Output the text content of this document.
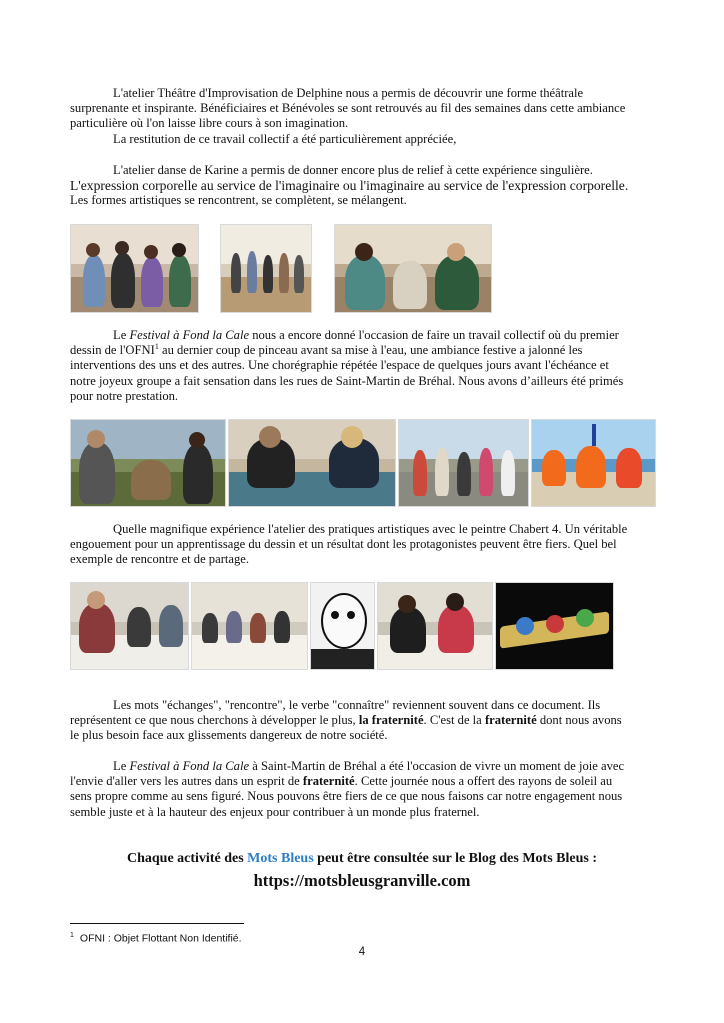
L'atelier Théâtre d'Improvisation de Delphine nous a permis de découvrir une forme théâtrale
surprenante et inspirante. Bénéficiaires et Bénévoles se sont retrouvés au fil des semaines dans cette ambiance
particulière où l'on laisse libre cours à son imagination.
La restitution de ce travail collectif a été particulièrement appréciée,

L'atelier danse de Karine a permis de donner encore plus de relief à cette expérience singulière.
L'expression corporelle au service de l'imaginaire ou l'imaginaire au service de l'expression corporelle.
Les formes artistiques se rencontrent, se complètent, se mélangent.

Le Festival à Fond la Cale nous a encore donné l'occasion de faire un travail collectif où du premier
dessin de l'OFNI$^1$ au dernier coup de pinceau avant sa mise à l'eau, une ambiance festive a jalonné les
interventions des uns et des autres. Une chorégraphie répétée l'espace de quelques jours avant l'échéance et
notre joyeux groupe a fait sensation dans les rues de Saint-Martin de Bréhal. Nous avons d’ailleurs été primés
pour notre prestation.

Quelle magnifique expérience l'atelier des pratiques artistiques avec le peintre Chabert 4. Un véritable
engouement pour un apprentissage du dessin et un résultat dont les protagonistes peuvent être fiers. Quel bel
exemple de rencontre et de partage.

Les mots "échanges", "rencontre", le verbe "connaître" reviennent souvent dans ce document. Ils
représentent ce que nous cherchons à développer le plus, la fraternité. C'est de la fraternité dont nous avons
le plus besoin face aux glissements dangereux de notre société.

Le Festival à Fond la Cale à Saint-Martin de Bréhal a été l'occasion de vivre un moment de joie avec
l'envie d'aller vers les autres dans un esprit de fraternité. Cette journée nous a offert des rayons de soleil au
sens propre comme au sens figuré. Nous pouvons être fiers de ce que nous faisons car notre engagement nous
semble juste et à la hauteur des enjeux pour contribuer à un monde plus fraternel.

Chaque activité des Mots Bleus peut être consultée sur le Blog des Mots Bleus :
https://motsbleusgranville.com
$^1$ OFNI : Objet Flottant Non Identifié.
4
